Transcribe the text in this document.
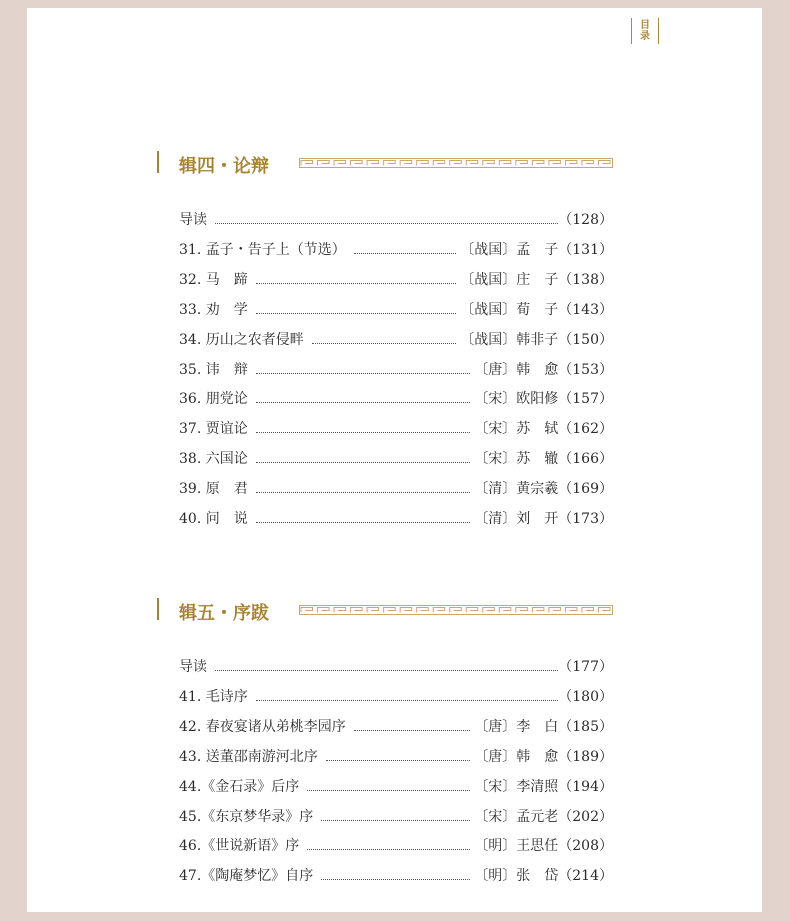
目
录
辑四・论辩
导读	（128）
31. 孟子・告子上（节选）	〔战国〕孟　子 （131）
32. 马　蹄	〔战国〕庄　子 （138）
33. 劝　学	〔战国〕荀　子 （143）
34. 历山之农者侵畔	〔战国〕韩非子 （150）
35. 讳　辩	〔唐〕韩　愈 （153）
36. 朋党论	〔宋〕欧阳修 （157）
37. 贾谊论	〔宋〕苏　轼 （162）
38. 六国论	〔宋〕苏　辙 （166）
39. 原　君	〔清〕黄宗羲 （169）
40. 问　说	〔清〕刘　开 （173）
辑五・序跋
导读	（177）
41. 毛诗序	（180）
42. 春夜宴诸从弟桃李园序	〔唐〕李　白 （185）
43. 送董邵南游河北序	〔唐〕韩　愈 （189）
44.《金石录》后序	〔宋〕李清照 （194）
45.《东京梦华录》序	〔宋〕孟元老 （202）
46.《世说新语》序	〔明〕王思任 （208）
47.《陶庵梦忆》自序	〔明〕张　岱 （214）
